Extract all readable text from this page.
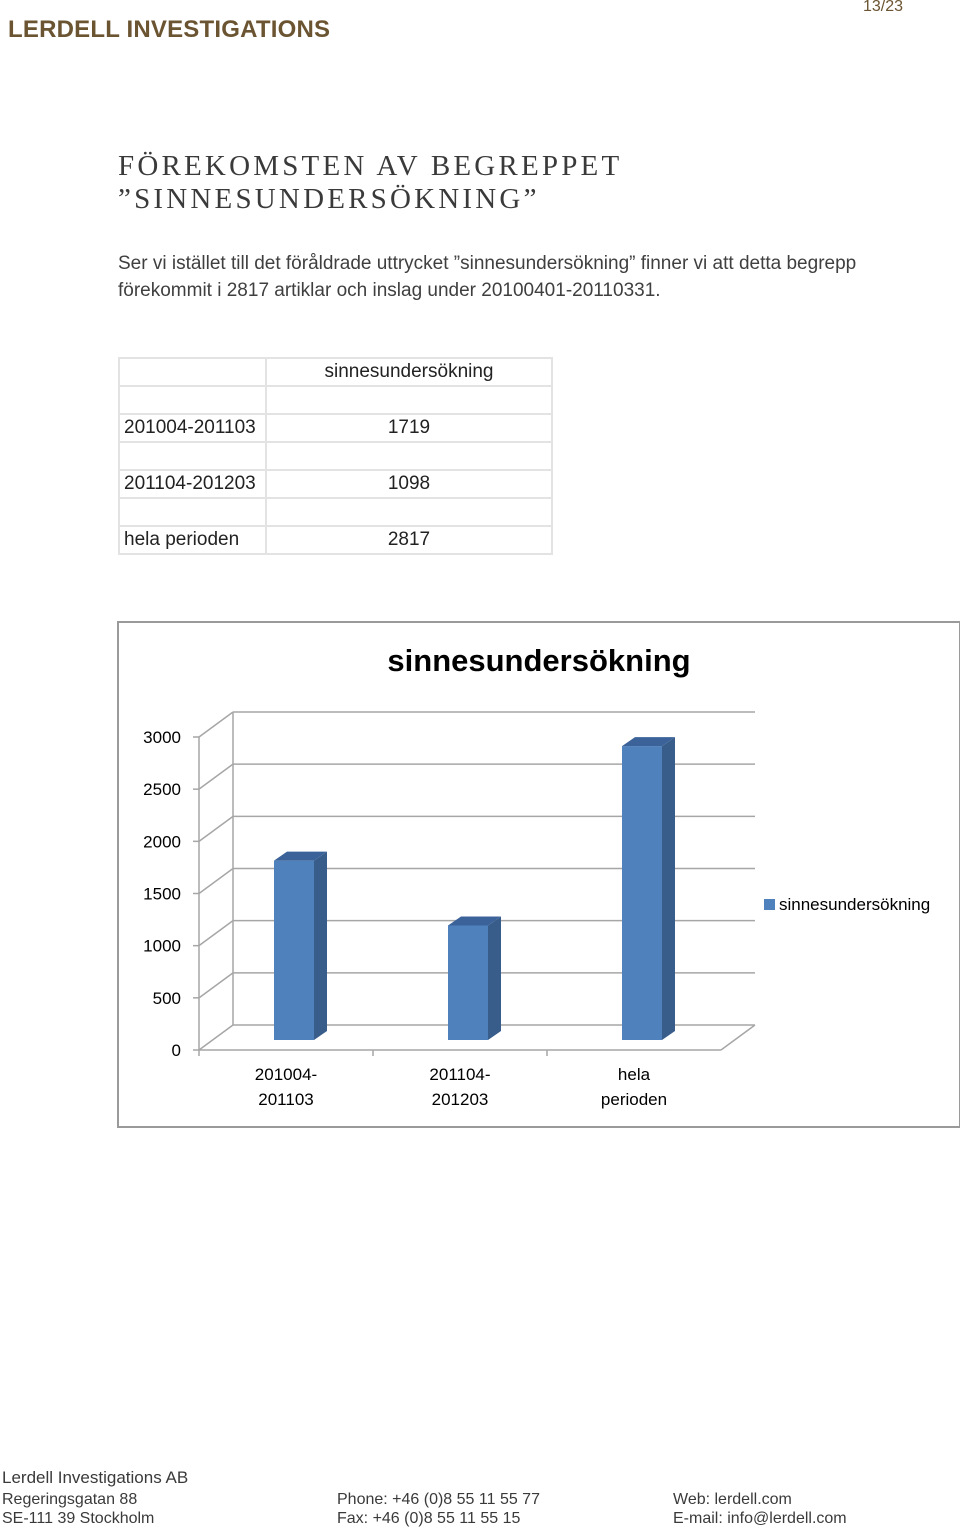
LERDELL INVESTIGATIONS
13/23
FÖREKOMSTEN AV BEGREPPET
”SINNESUNDERSÖKNING”
Ser vi istället till det föråldrade uttrycket ”sinnesundersökning” finner vi att detta begrepp
förekommit i 2817 artiklar och inslag under 20100401-20110331.
	sinnesundersökning

201004-201103	1719

201104-201203	1098

hela perioden	2817
sinnesundersökning
0
500
1000
1500
2000
2500
3000
201004-
201103
201104-
201203
hela
perioden
sinnesundersökning
Lerdell Investigations AB
Regeringsgatan 88
SE-111 39 Stockholm
Phone: +46 (0)8 55 11 55 77
Fax: +46 (0)8 55 11 55 15
Web: lerdell.com
E-mail: info@lerdell.com
